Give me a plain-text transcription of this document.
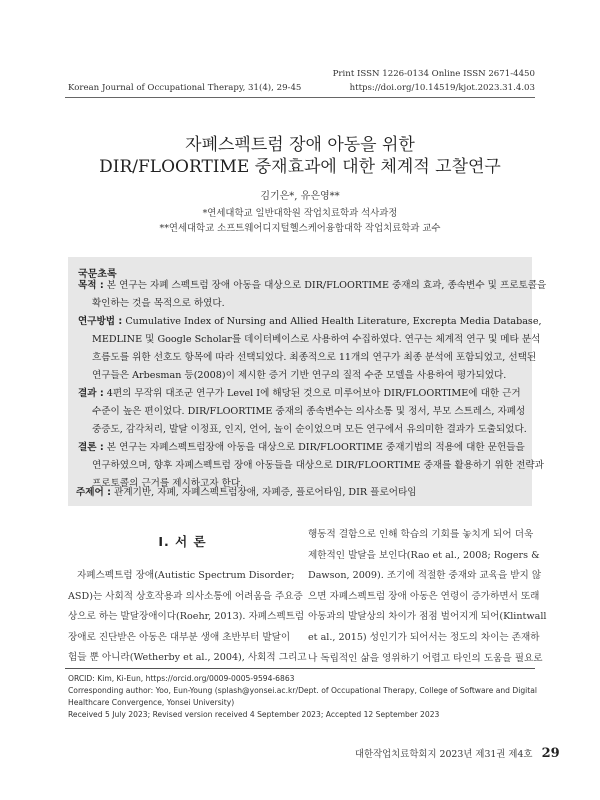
Print ISSN 1226-0134 Online ISSN 2671-4450
Korean Journal of Occupational Therapy, 31(4), 29-45	https://doi.org/10.14519/kjot.2023.31.4.03
자폐스펙트럼 장애 아동을 위한
DIR/FLOORTIME 중재효과에 대한 체계적 고찰연구
김기은*, 유은영**
*연세대학교 일반대학원 작업치료학과 석사과정
**연세대학교 소프트웨어디지털헬스케어융합대학 작업치료학과 교수
국문초록
목적 : 본 연구는 자폐 스펙트럼 장애 아동을 대상으로 DIR/FLOORTIME 중재의 효과, 종속변수 및 프로토콜을
확인하는 것을 목적으로 하였다.
연구방법 : Cumulative Index of Nursing and Allied Health Literature, Excrepta Media Database,
MEDLINE 및 Google Scholar를 데이터베이스로 사용하여 수집하였다. 연구는 체계적 연구 및 메타 분석
흐름도를 위한 선호도 항목에 따라 선택되었다. 최종적으로 11개의 연구가 최종 분석에 포함되었고, 선택된
연구들은 Arbesman 등(2008)이 제시한 증거 기반 연구의 질적 수준 모델을 사용하여 평가되었다.
결과 : 4편의 무작위 대조군 연구가 Level I에 해당된 것으로 미루어보아 DIR/FLOORTIME에 대한 근거
수준이 높은 편이었다. DIR/FLOORTIME 중재의 종속변수는 의사소통 및 정서, 부모 스트레스, 자폐성
중증도, 감각처리, 발달 이정표, 인지, 언어, 놀이 순이었으며 모든 연구에서 유의미한 결과가 도출되었다.
결론 : 본 연구는 자폐스펙트럼장애 아동을 대상으로 DIR/FLOORTIME 중재기법의 적용에 대한 문헌들을
연구하였으며, 향후 자폐스펙트럼 장애 아동들을 대상으로 DIR/FLOORTIME 중재를 활용하기 위한 전략과
프로토콜의 근거를 제시하고자 한다.
주제어 : 관계기반, 자폐, 자폐스펙트럼장애, 자폐증, 플로어타임, DIR 플로어타임
Ⅰ. 서 론
자폐스펙트럼 장애(Autistic Spectrum Disorder;
ASD)는 사회적 상호작용과 의사소통에 어려움을 주요증
상으로 하는 발달장애이다(Roehr, 2013). 자폐스펙트럼
장애로 진단받은 아동은 대부분 생애 초반부터 발달이
험들 뿐 아니라(Wetherby et al., 2004), 사회적 그리고
행동적 결함으로 인해 학습의 기회를 놓치게 되어 더욱
제한적인 발달을 보인다(Rao et al., 2008; Rogers &
Dawson, 2009). 조기에 적절한 중재와 교육을 받지 않
으면 자폐스펙트럼 장애 아동은 연령이 증가하면서 또래
아동과의 발달상의 차이가 점점 벌어지게 되어(Klintwall
et al., 2015) 성인기가 되어서는 정도의 차이는 존재하
나 독립적인 삶을 영위하기 어렵고 타인의 도움을 필요로
ORCID: Kim, Ki-Eun, https://orcid.org/0009-0005-9594-6863
Corresponding author: Yoo, Eun-Young (splash@yonsei.ac.kr/Dept. of Occupational Therapy, College of Software and Digital
Healthcare Convergence, Yonsei University)
Received 5 July 2023; Revised version received 4 September 2023; Accepted 12 September 2023
대한작업치료학회지 2023년 제31권 제4호 29
